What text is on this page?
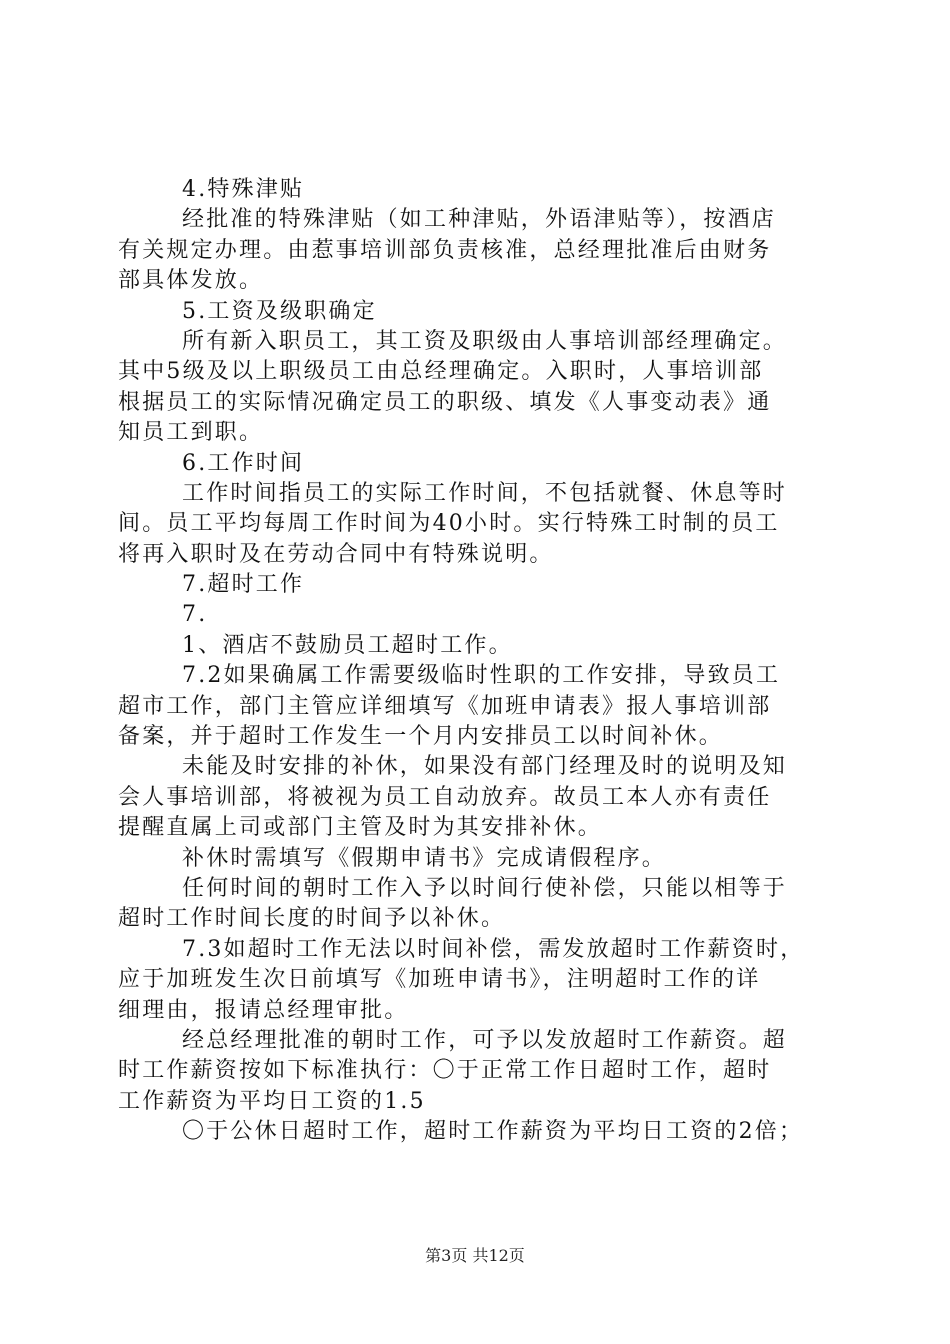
4.特殊津贴
经批准的特殊津贴（如工种津贴，外语津贴等），按酒店
有关规定办理。由惹事培训部负责核准，总经理批准后由财务
部具体发放。
5.工资及级职确定
所有新入职员工，其工资及职级由人事培训部经理确定。
其中5级及以上职级员工由总经理确定。入职时，人事培训部
根据员工的实际情况确定员工的职级、填发《人事变动表》通
知员工到职。
6.工作时间
工作时间指员工的实际工作时间，不包括就餐、休息等时
间。员工平均每周工作时间为40小时。实行特殊工时制的员工
将再入职时及在劳动合同中有特殊说明。
7.超时工作
7.
1、酒店不鼓励员工超时工作。
7.2如果确属工作需要级临时性职的工作安排，导致员工
超市工作，部门主管应详细填写《加班申请表》报人事培训部
备案，并于超时工作发生一个月内安排员工以时间补休。
未能及时安排的补休，如果没有部门经理及时的说明及知
会人事培训部，将被视为员工自动放弃。故员工本人亦有责任
提醒直属上司或部门主管及时为其安排补休。
补休时需填写《假期申请书》完成请假程序。
任何时间的朝时工作入予以时间行使补偿，只能以相等于
超时工作时间长度的时间予以补休。
7.3如超时工作无法以时间补偿，需发放超时工作薪资时，
应于加班发生次日前填写《加班申请书》，注明超时工作的详
细理由，报请总经理审批。
经总经理批准的朝时工作，可予以发放超时工作薪资。超
时工作薪资按如下标准执行：〇于正常工作日超时工作，超时
工作薪资为平均日工资的1.5
〇于公休日超时工作，超时工作薪资为平均日工资的2倍；
第3页 共12页
